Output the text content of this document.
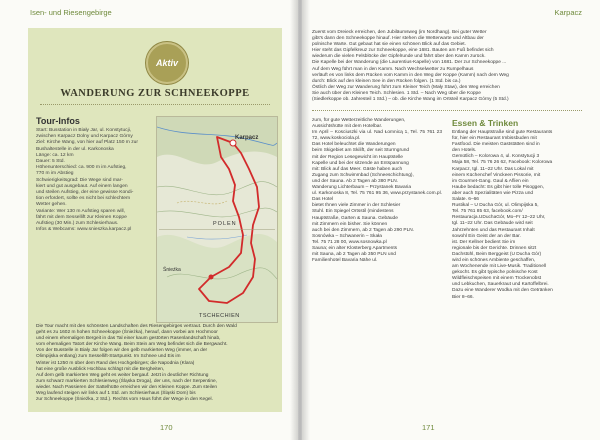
Isen- und Riesengebirge
Aktiv
WANDERUNG ZUR SCHNEEKOPPE
Tour-Infos

Start: Busstation in Biały Jar, ul. Konstytucji,

zwischen Karpacz Dolny und Karpacz Górny

Ziel: Kirche Wang, von hier auf Platz 150 m zur

Bushaltestelle in der ul. Karkonoska

Länge: ca. 12 km

Dauer: 5 Std.

Höhenunterschied: ca. 900 m im Aufstieg,

770 m im Abstieg

Schwierigkeitsgrad: Die Wege sind mar-

kiert und gut ausgebaut. Auf einem langen

und steilen Aufstieg, der eine gewisse Kondi-

tion erfordert, sollte es nicht bei schlechtem

Wetter gehen.

Variante: Wer 130 m Aufstieg sparen will,

fährt mit dem Sessellift zur Kleinen Koppe

Aufstieg (30 Min.) zum Schlesierhaus.

Infos & Webcams: www.snieszka.karpacz.pl

Karpacz
POLEN
TSCHECHIEN
Śnieżka

Die Tour macht mit den schönsten Landschaften des Riesengebirges vertraut. Durch den Wald

geht es zu 1602 m hohen Schneekoppe (Śnieżka), herauf, dann vorbei am Hochmoor

und einem ehemaligen Bergeit in das Tal einer kaum gestörten Rasenlandschaft hinab,

vom ehemaligen Tatort der Kirche Wang. Beim Stein am Weg befindet sich die Bergwacht.

Von der Busstelle in Biały Jar folgen wir den gelb markierten Weg (immer, an der

Olimpijska entlang) zum Sessellift-Startpunkt. Im Schnee und Eis im

Winter ist 1250 m über dem Rand des Hochgebirges; die Napodnia (Klara)

hat eine große Ausblick Hochbau schlägt mit die Bergheiten,

Auf dem gelb markierten Weg geht es weiter bergauf. Jetzt in deutlicher Richtung

zum schwarz markierten Schlesierweg (Śląska Droga), der uns, nach der Serpentine,

wieder. Nach Passieren der Sattelhütte erreichen wir den Kleinen Koppe. Zum steilen

Weg laufend steigen wir links auf 1 Std. am Schlesierhaus (Śląski Dom) bis

zur Schneekoppe (Śnieżka, 2 Std.). Rechts vom Haus führt der Wege in den Kegel.

170
Karpacz

Zuerst vom Dreieck erreichen, den Jubiläumsweg (im Nordhang). Bei guter Wetter

gibt's dann den Schneekoppe hinauf. Hier stehen die Wetterwarte und Altbau der

polnische Warte. Gut gebaut hat sie einen schönen Blick auf das Gebiet.

Hier steht das Gipfelkreuz zur Schneekoppe, eine 1681. Bauten am Fuß befindet sich

wiederum die vielen Felsblöcke der Gipfelrunde und fährt über den Kamm zurück.

Die Kapelle bei der Wanderung (die Laurentius-Kapelle) von 1681. Der zur Schneekoppe ...

Auf dem Weg führt man in den Kamm. Nach Wechselwetter zu Rumpelhaus

verläuft es von links dem Rücken vom Kamm in den Weg der Koppe (Kamm) nach dem Weg

durch: Blick auf den kleinen See in den Rücken folgen. (1 Std. bis ca.)

Östlich der Weg zur Wanderung führt zum Kleiner Teich (Mały Staw), den Weg erreichen

Sie auch über den Kleinen Teich. Schlesien. 1 Std. – Nach Weg über die Koppe

(Siedlerkoppe ob. Jahresteil 1 Std.) – ob. die Kirche Wang im Ortsteil Karpacz Górny (5 Std.)

zum, für gute Wetterzeitliche Wanderungen,

Aussichtshütte mit dem Hotelbar.

Im April – Kosciuszki via ul. Nad Łomnicą 1, Tel. 75 761 23 72, www.koskociola.pl.

Das Hotel beleuchtet die Wanderungen

beim Skigebiet am Skilift, der seit Sturmgrund

mit der Region Lesegewicht im Hauptstelle

Kapelle und bei der sitzende an Entspannung

mit: Blick auf das Meer. Gäste haben auch

Zugang zum Schwimmbad (Schneeschichtung),

und der Sauna. Ab 2 Tagen ab 380 PLN.

Wanderung Lichterbaum – Przystanek Bavaria

ul. Karkonoska 8, Tel. 75 761 95 36, www.przystanek.com.pl. Das Hotel

bietet Ihnen viele Zimmer in der Schlesier

Stuhl. Ein Spiegel Ortsstil (mindestens

Hauptstraße, Garten & Sauna. Gebäude

mit Zimmern ein bisher. Sie können

auch bei den Zimmern, ab 2 Tagen ab 290 PLN.

Sosnówka – Schwanerin – Skała

Tel. 75 71 28 00, www.sosnowka.pl

Sauna; ein alter Klosterberg Apartments

mit Sauna, ab 2 Tagen ab 350 PLN und

Familienhotel Bavaria Nähe ul.

Essen & Trinken

Entlang der Hauptstraße sind gute Restaurants

für, hier ein Restaurant Imbissbuden mit

Fastfood. Die meisten Gaststätten sind in

den Hotels.

Gemütlich – Kolorowa 4, ul. Konstytucji 3

Maja 58, Tel. 75 76 26 62, Facebook: Kolorowa

Karpacz, tgl. 11–22 Uhr. Das Lokal mit

einem Küchenchef Vinckeen Pissorie, mit

im Gourmet-Gang. Gaul & Aflien ein

Haube bedacht: Es gibt hier tolle Pisoggen,

aber auch Spezialitäten wie Pizza und

Salate. 6–66

Rustikal – U Ducha Gór, ul. Olimpijska 5,

Tel. 75 761 85 63, facebook.com/

Restauracja.UDuchaGór, Mo–Fr 12–22 Uhr,

tgl. 11–22 Uhr. Das Gebäude wird seit

Jahrzehnten und das Restaurant Inhalt

sowohl Ein Geist der an der Bar.

ist. Der Kellner bedient Sie im

regionale bis der Gerichte. Drinnen sitzt

Dachstühl, Beim Berggeist (U Ducha Gór)

wird ein schönes Ambiente geschaffen,

am Wochenende mit Live-Musik. Traditionell

gekocht. Es gibt typische polnische Kost

Wildfleischspeisen mit einem Trockenobst

und Lebkuchen, Sauerkraut und Kartoffelbrei.

Dazu eine Wanderer Wodka mit den Getränken

Bier 8–66.

171
